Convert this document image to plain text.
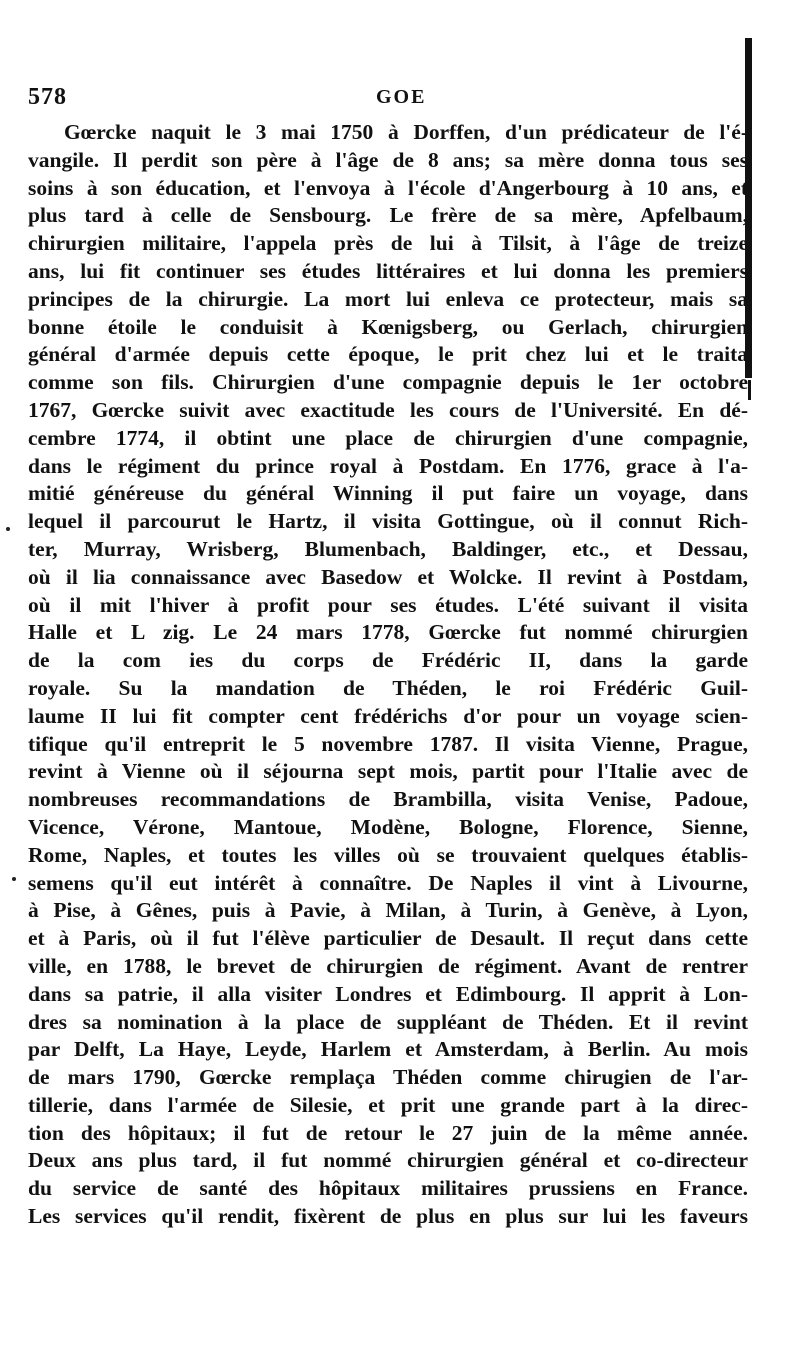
578	GOE
Gœrcke naquit le 3 mai 1750 à Dorffen, d'un prédicateur de l'é-
vangile. Il perdit son père à l'âge de 8 ans; sa mère donna tous ses
soins à son éducation, et l'envoya à l'école d'Angerbourg à 10 ans, et
plus tard à celle de Sensbourg. Le frère de sa mère, Apfelbaum,
chirurgien militaire, l'appela près de lui à Tilsit, à l'âge de treize
ans, lui fit continuer ses études littéraires et lui donna les premiers
principes de la chirurgie. La mort lui enleva ce protecteur, mais sa
bonne étoile le conduisit à Kœnigsberg, ou Gerlach, chirurgien
général d'armée depuis cette époque, le prit chez lui et le traita
comme son fils. Chirurgien d'une compagnie depuis le 1er octobre
1767, Gœrcke suivit avec exactitude les cours de l'Université. En dé-
cembre 1774, il obtint une place de chirurgien d'une compagnie,
dans le régiment du prince royal à Postdam. En 1776, grace à l'a-
mitié généreuse du général Winning il put faire un voyage, dans
lequel il parcourut le Hartz, il visita Gottingue, où il connut Rich-
ter, Murray, Wrisberg, Blumenbach, Baldinger, etc., et Dessau,
où il lia connaissance avec Basedow et Wolcke. Il revint à Postdam,
où il mit l'hiver à profit pour ses études. L'été suivant il visita
Halle et L zig. Le 24 mars 1778, Gœrcke fut nommé chirurgien
de la com ies du corps de Frédéric II, dans la garde
royale. Su la mandation de Théden, le roi Frédéric Guil-
laume II lui fit compter cent frédérichs d'or pour un voyage scien-
tifique qu'il entreprit le 5 novembre 1787. Il visita Vienne, Prague,
revint à Vienne où il séjourna sept mois, partit pour l'Italie avec de
nombreuses recommandations de Brambilla, visita Venise, Padoue,
Vicence, Vérone, Mantoue, Modène, Bologne, Florence, Sienne,
Rome, Naples, et toutes les villes où se trouvaient quelques établis-
semens qu'il eut intérêt à connaître. De Naples il vint à Livourne,
à Pise, à Gênes, puis à Pavie, à Milan, à Turin, à Genève, à Lyon,
et à Paris, où il fut l'élève particulier de Desault. Il reçut dans cette
ville, en 1788, le brevet de chirurgien de régiment. Avant de rentrer
dans sa patrie, il alla visiter Londres et Edimbourg. Il apprit à Lon-
dres sa nomination à la place de suppléant de Théden. Et il revint
par Delft, La Haye, Leyde, Harlem et Amsterdam, à Berlin. Au mois
de mars 1790, Gœrcke remplaça Théden comme chirugien de l'ar-
tillerie, dans l'armée de Silesie, et prit une grande part à la direc-
tion des hôpitaux; il fut de retour le 27 juin de la même année.
Deux ans plus tard, il fut nommé chirurgien général et co-directeur
du service de santé des hôpitaux militaires prussiens en France.
Les services qu'il rendit, fixèrent de plus en plus sur lui les faveurs
